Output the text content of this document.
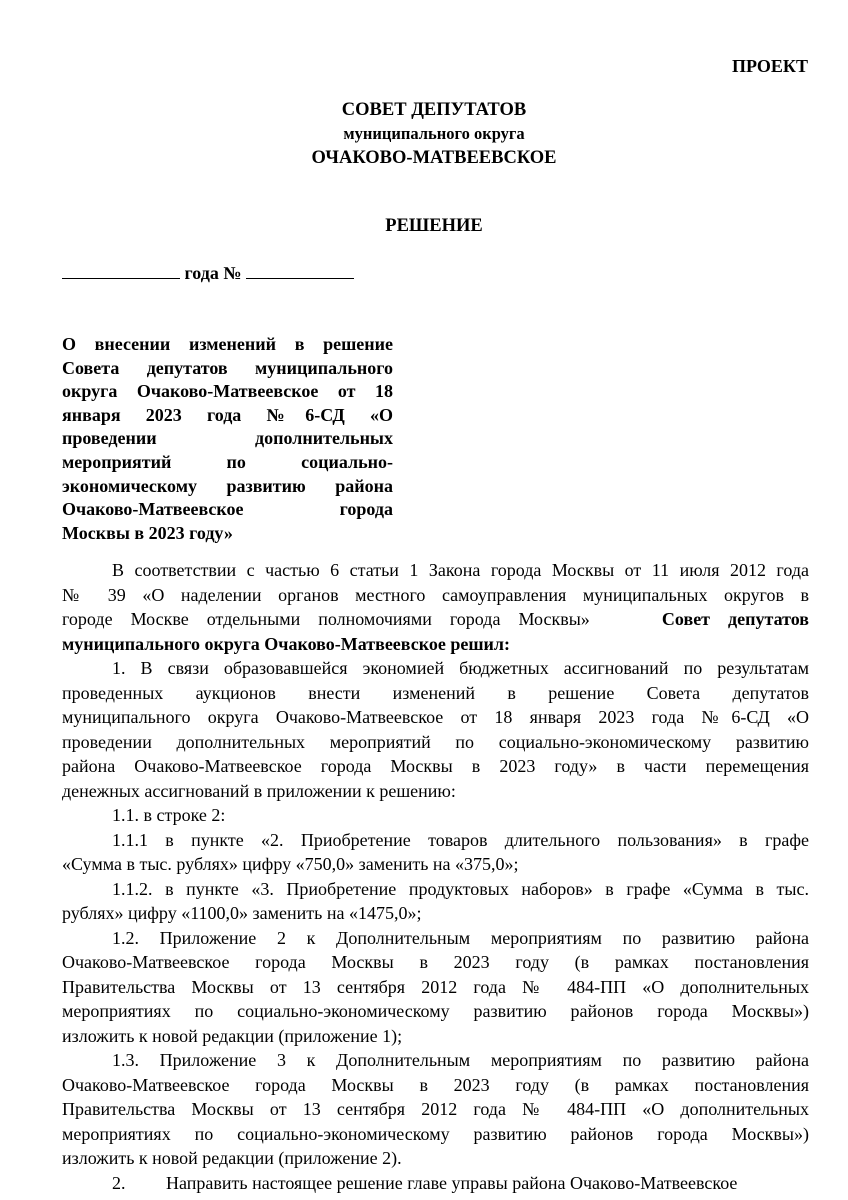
ПРОЕКТ
СОВЕТ ДЕПУТАТОВ
муниципального округа
ОЧАКОВО-МАТВЕЕВСКОЕ
РЕШЕНИЕ
года №
О внесении изменений в решение
Совета депутатов муниципального
округа Очаково-Матвеевское от 18
января 2023 года №6-СД «О
проведении дополнительных
мероприятий по социально-
экономическому развитию района
Очаково-Матвеевское города
Москвы в 2023 году»
В соответствии с частью 6 статьи 1 Закона города Москвы от 11 июля 2012 года
№ 39 «О наделении органов местного самоуправления муниципальных округов в
городе Москве отдельными полномочиями города Москвы»	Совет депутатов
муниципального округа Очаково-Матвеевское решил:
1. В связи образовавшейся экономией бюджетных ассигнований по результатам
проведенных аукционов внести изменений в решение Совета депутатов
муниципального округа Очаково-Матвеевское от 18 января 2023 года №6-СД «О
проведении дополнительных мероприятий по социально-экономическому развитию
района Очаково-Матвеевское города Москвы в 2023 году» в части перемещения
денежных ассигнований в приложении к решению:
1.1. в строке 2:
1.1.1 в пункте «2. Приобретение товаров длительного пользования» в графе
«Сумма в тыс. рублях» цифру «750,0» заменить на «375,0»;
1.1.2. в пункте «3. Приобретение продуктовых наборов» в графе «Сумма в тыс.
рублях» цифру «1100,0» заменить на «1475,0»;
1.2. Приложение 2 к Дополнительным мероприятиям по развитию района
Очаково-Матвеевское города Москвы в 2023 году (в рамках постановления
Правительства Москвы от 13 сентября 2012 года № 484-ПП «О дополнительных
мероприятиях по социально-экономическому развитию районов города Москвы»)
изложить к новой редакции (приложение 1);
1.3. Приложение 3 к Дополнительным мероприятиям по развитию района
Очаково-Матвеевское города Москвы в 2023 году (в рамках постановления
Правительства Москвы от 13 сентября 2012 года № 484-ПП «О дополнительных
мероприятиях по социально-экономическому развитию районов города Москвы»)
изложить к новой редакции (приложение 2).
2. Направить настоящее решение главе управы района Очаково-Матвеевское
